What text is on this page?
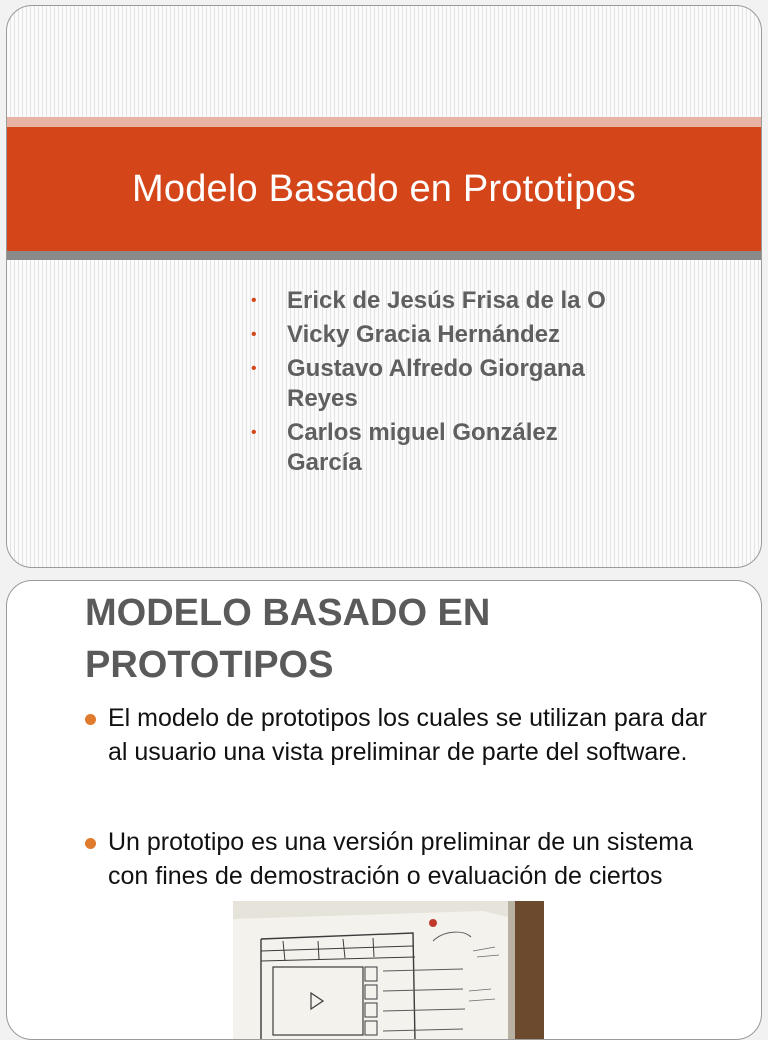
Modelo Basado en Prototipos
• Erick de Jesús Frisa de la O
• Vicky Gracia Hernández
• Gustavo Alfredo Giorgana Reyes
• Carlos miguel González García
MODELO BASADO EN PROTOTIPOS
El modelo de prototipos los cuales se utilizan para dar al usuario una vista preliminar de parte del software.
Un prototipo es una versión preliminar de un sistema con fines de demostración o evaluación de ciertos
